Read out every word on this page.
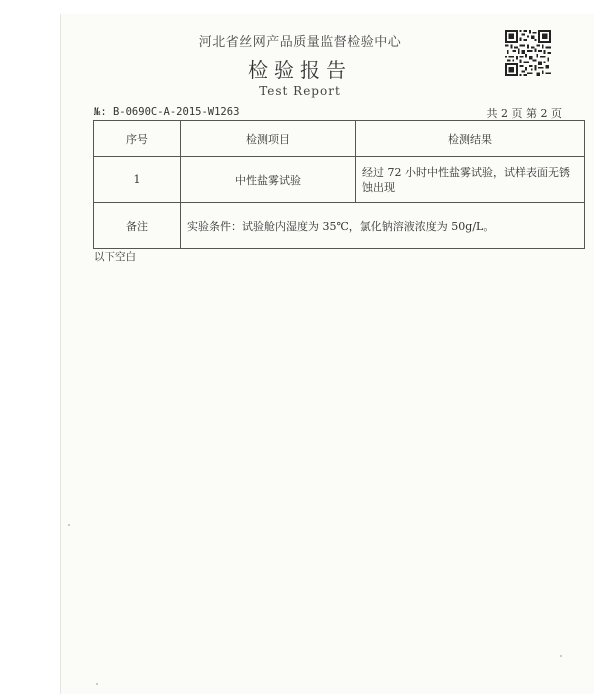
河北省丝网产品质量监督检验中心
检验报告
Test Report
№: B-0690C-A-2015-W1263	共 2 页 第 2 页
序号	检测项目	检测结果
1	中性盐雾试验	经过 72 小时中性盐雾试验，试样表面无锈蚀出现
备注	实验条件：试验舱内湿度为 35℃，氯化钠溶液浓度为 50g/L。	
以下空白
